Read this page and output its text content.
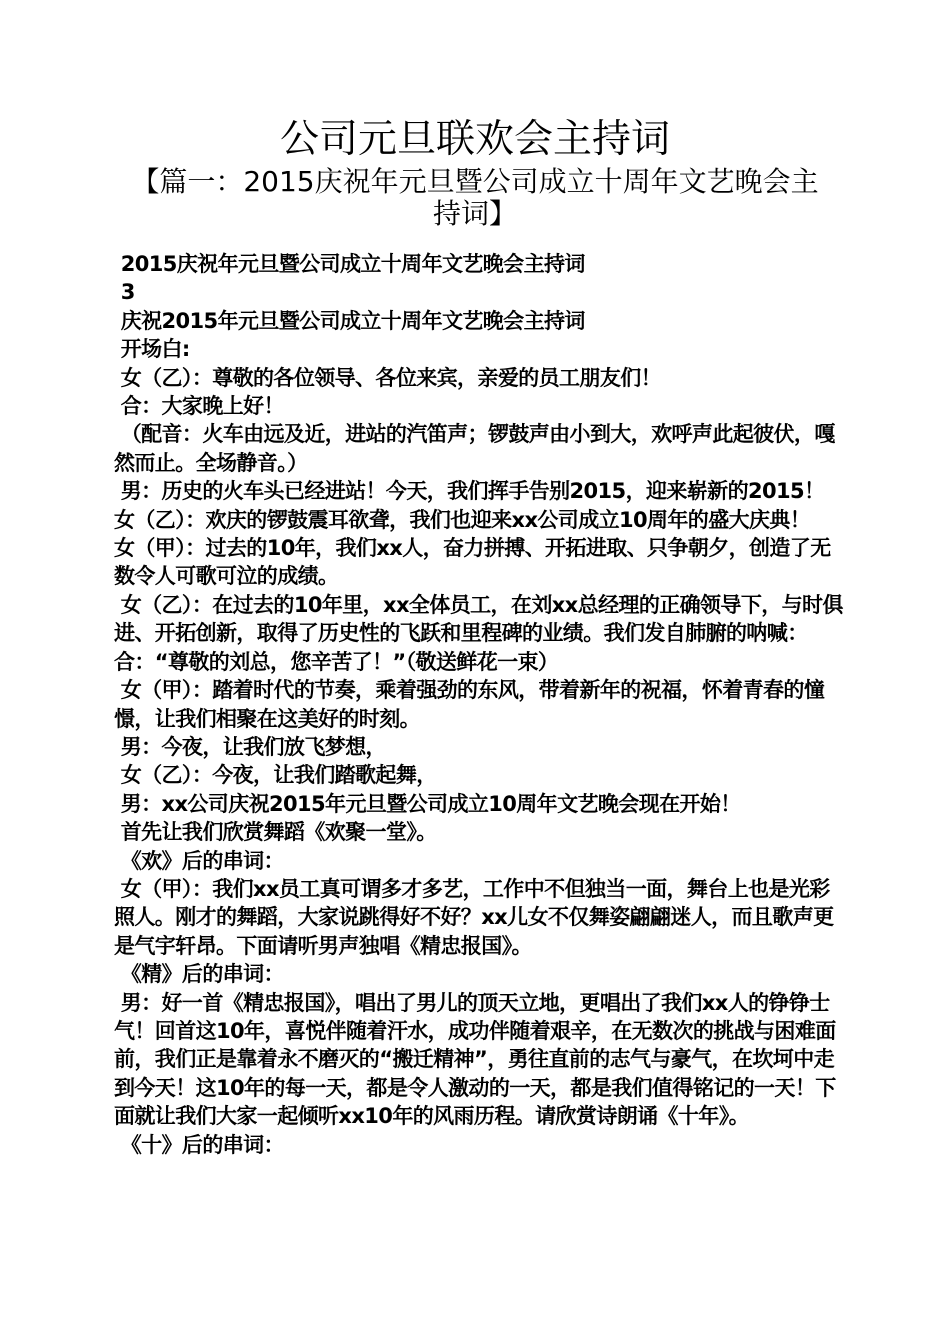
公司元旦联欢会主持词
【篇一：2015庆祝年元旦暨公司成立十周年文艺晚会主持词】

2015庆祝年元旦暨公司成立十周年文艺晚会主持词

3

庆祝2015年元旦暨公司成立十周年文艺晚会主持词

开场白:

女（乙）：尊敬的各位领导、各位来宾，亲爱的员工朋友们！

合：大家晚上好！

（配音：火车由远及近，进站的汽笛声；锣鼓声由小到大，欢呼声此起彼伏，嘎然而止。全场静音。）

男：历史的火车头已经进站！今天，我们挥手告别2015，迎来崭新的2015！  女（乙）：欢庆的锣鼓震耳欲聋，我们也迎来xx公司成立10周年的盛大庆典！  女（甲）：过去的10年，我们xx人，奋力拼搏、开拓进取、只争朝夕，创造了无数令人可歌可泣的成绩。

女（乙）：在过去的10年里，xx全体员工，在刘xx总经理的正确领导下，与时俱进、开拓创新，取得了历史性的飞跃和里程碑的业绩。我们发自肺腑的呐喊：  合：“尊敬的刘总，您辛苦了！”（敬送鲜花一束）

女（甲）：踏着时代的节奏，乘着强劲的东风，带着新年的祝福，怀着青春的憧憬，让我们相聚在这美好的时刻。

男：今夜，让我们放飞梦想，

女（乙）：今夜，让我们踏歌起舞，

男：xx公司庆祝2015年元旦暨公司成立10周年文艺晚会现在开始！

首先让我们欣赏舞蹈《欢聚一堂》。

《欢》后的串词：

女（甲）：我们xx员工真可谓多才多艺，工作中不但独当一面，舞台上也是光彩照人。刚才的舞蹈，大家说跳得好不好？xx儿女不仅舞姿翩翩迷人，而且歌声更是气宇轩昂。下面请听男声独唱《精忠报国》。

《精》后的串词：

男：好一首《精忠报国》，唱出了男儿的顶天立地，更唱出了我们xx人的铮铮士气！回首这10年，喜悦伴随着汗水，成功伴随着艰辛，在无数次的挑战与困难面前，我们正是靠着永不磨灭的“搬迁精神”，勇往直前的志气与豪气，在坎坷中走到今天！这10年的每一天，都是令人激动的一天，都是我们值得铭记的一天！下面就让我们大家一起倾听xx10年的风雨历程。请欣赏诗朗诵《十年》。

《十》后的串词：
